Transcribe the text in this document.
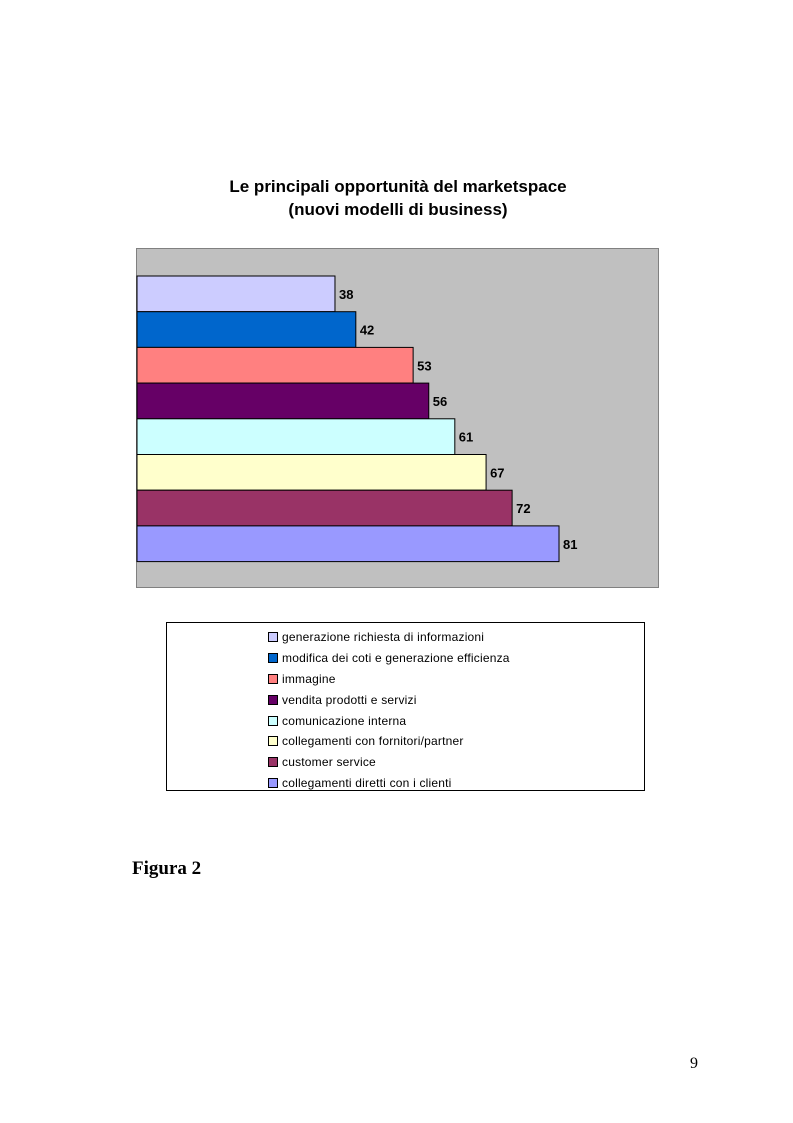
Le principali opportunità del marketspace
(nuovi modelli di business)
38
42
53
56
61
67
72
81
generazione richiesta di informazioni
modifica dei coti e generazione efficienza
immagine
vendita prodotti e servizi
comunicazione interna
collegamenti con fornitori/partner
customer service
collegamenti diretti con i clienti
Figura 2
9
